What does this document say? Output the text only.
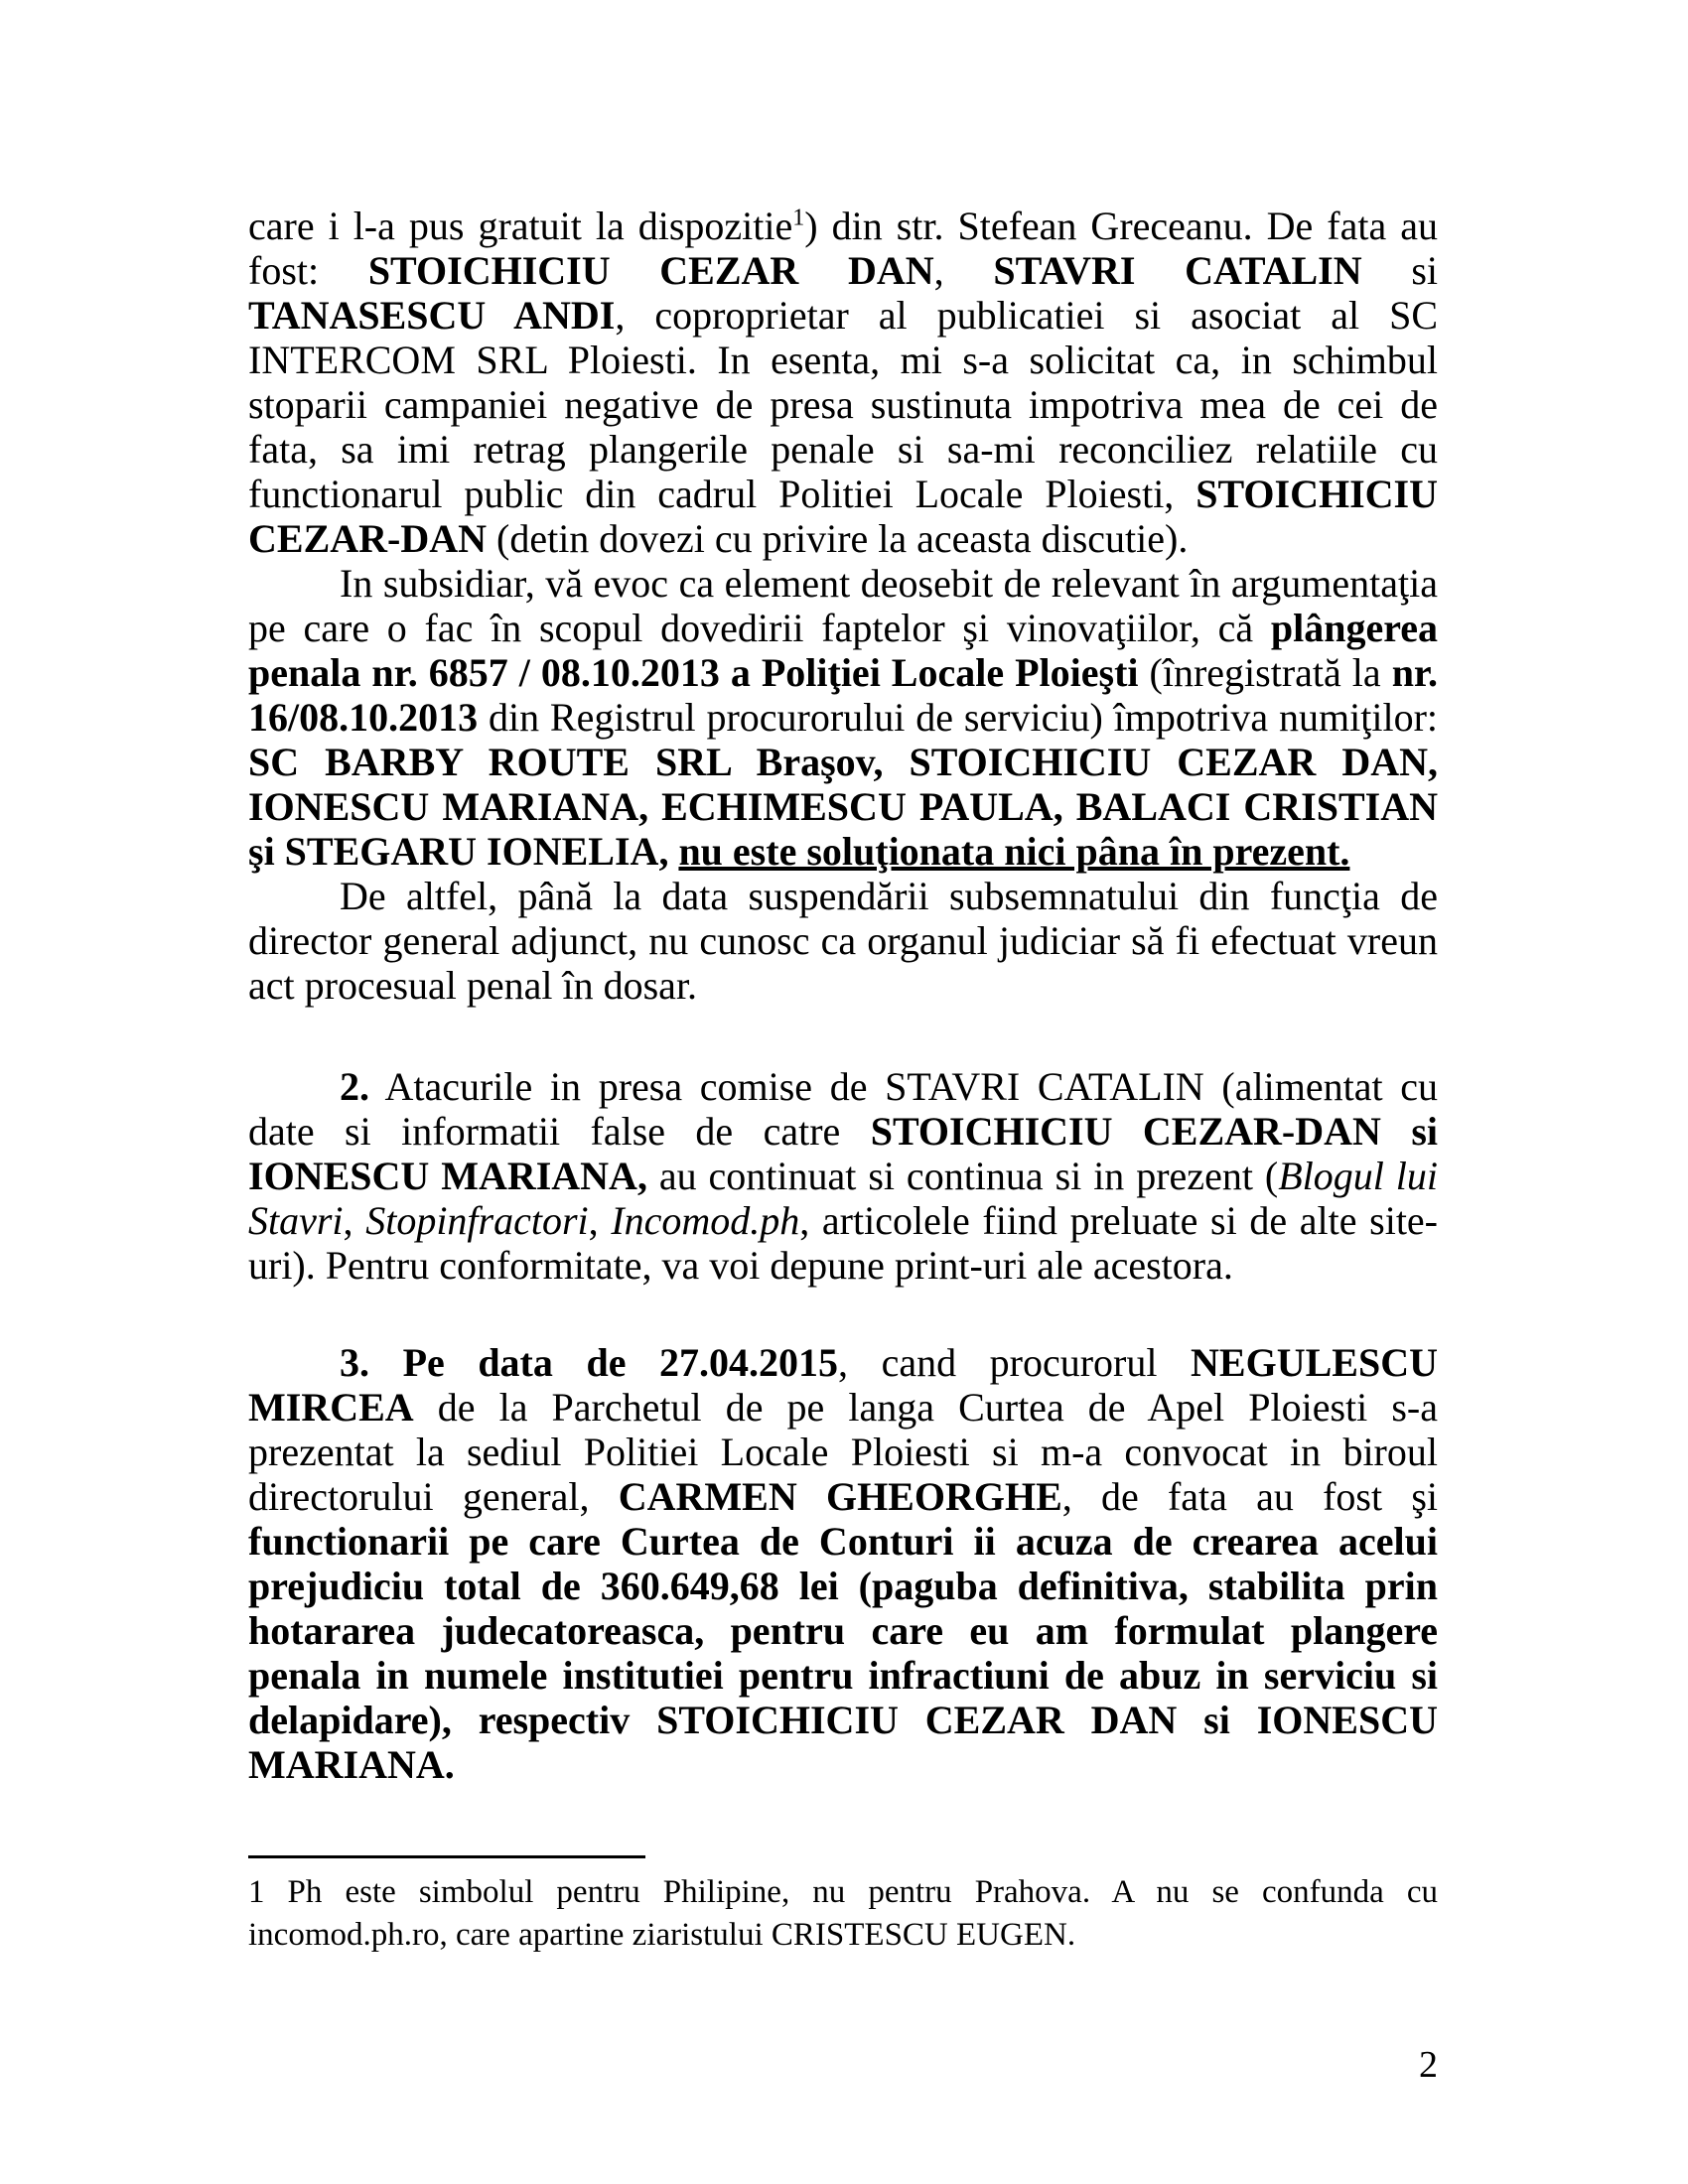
care i l-a pus gratuit la dispozitie$^1$) din str. Stefean Greceanu. De fata au fost: STOICHICIU CEZAR DAN, STAVRI CATALIN si TANASESCU ANDI, coproprietar al publicatiei si asociat al SC INTERCOM SRL Ploiesti. In esenta, mi s-a solicitat ca, in schimbul stoparii campaniei negative de presa sustinuta impotriva mea de cei de fata, sa imi retrag plangerile penale si sa-mi reconciliez relatiile cu functionarul public din cadrul Politiei Locale Ploiesti, STOICHICIU CEZAR-DAN (detin dovezi cu privire la aceasta discutie).

In subsidiar, vă evoc ca element deosebit de relevant în argumentaţia pe care o fac în scopul dovedirii faptelor şi vinovaţiilor, că plângerea penala nr. 6857 / 08.10.2013 a Poliţiei Locale Ploieşti (înregistrată la nr. 16/08.10.2013 din Registrul procurorului de serviciu) împotriva numiţilor: SC BARBY ROUTE SRL Braşov, STOICHICIU CEZAR DAN, IONESCU MARIANA, ECHIMESCU PAULA, BALACI CRISTIAN şi STEGARU IONELIA, nu este soluţionata nici pâna în prezent.

De altfel, până la data suspendării subsemnatului din funcţia de director general adjunct, nu cunosc ca organul judiciar să fi efectuat vreun act procesual penal în dosar.

2. Atacurile in presa comise de STAVRI CATALIN (alimentat cu date si informatii false de catre STOICHICIU CEZAR-DAN si IONESCU MARIANA, au continuat si continua si in prezent (Blogul lui Stavri, Stopinfractori, Incomod.ph, articolele fiind preluate si de alte site-uri). Pentru conformitate, va voi depune print-uri ale acestora.

3. Pe data de 27.04.2015, cand procurorul NEGULESCU MIRCEA de la Parchetul de pe langa Curtea de Apel Ploiesti s-a prezentat la sediul Politiei Locale Ploiesti si m-a convocat in biroul directorului general, CARMEN GHEORGHE, de fata au fost şi functionarii pe care Curtea de Conturi ii acuza de crearea acelui prejudiciu total de 360.649,68 lei (paguba definitiva, stabilita prin hotararea judecatoreasca, pentru care eu am formulat plangere penala in numele institutiei pentru infractiuni de abuz in serviciu si delapidare), respectiv STOICHICIU CEZAR DAN si IONESCU MARIANA.

1 Ph este simbolul pentru Philipine, nu pentru Prahova. A nu se confunda cu incomod.ph.ro, care apartine ziaristului CRISTESCU EUGEN.

2
